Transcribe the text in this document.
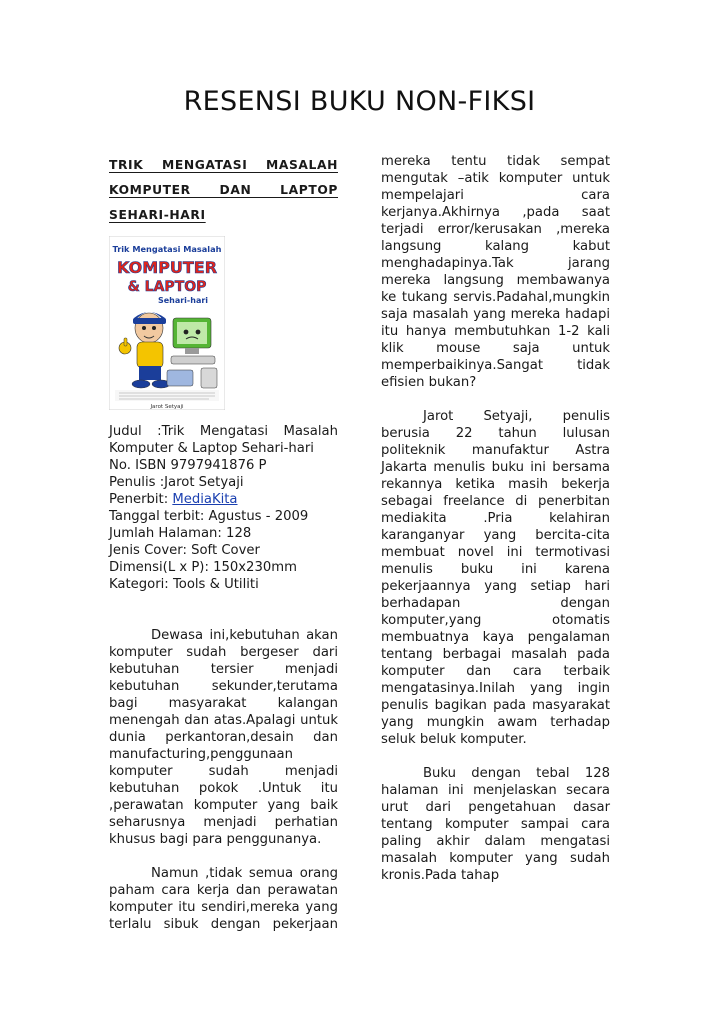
RESENSI BUKU NON-FIKSI
TRIK MENGATASI MASALAH KOMPUTER DAN LAPTOP SEHARI-HARI
Trik Mengatasi Masalah
KOMPUTER
& LAPTOP
Sehari-hari
Jarot Setyaji
Judul :Trik Mengatasi Masalah Komputer & Laptop Sehari-hari
No. ISBN 9797941876 P
Penulis :Jarot Setyaji
Penerbit: MediaKita
Tanggal terbit: Agustus - 2009
Jumlah Halaman: 128
Jenis Cover: Soft Cover
Dimensi(L x P): 150x230mm
Kategori: Tools & Utiliti

Dewasa ini,kebutuhan akan komputer sudah bergeser dari kebutuhan tersier menjadi kebutuhan sekunder,terutama bagi masyarakat kalangan menengah dan atas.Apalagi untuk dunia perkantoran,desain dan manufacturing,penggunaan komputer sudah menjadi kebutuhan pokok .Untuk itu ,perawatan komputer yang baik seharusnya menjadi perhatian khusus bagi para penggunanya.

Namun ,tidak semua orang paham cara kerja dan perawatan komputer itu sendiri,mereka yang terlalu sibuk dengan pekerjaan

mereka tentu tidak sempat mengutak –atik komputer untuk mempelajari cara kerjanya.Akhirnya ,pada saat terjadi error/kerusakan ,mereka langsung kalang kabut menghadapinya.Tak jarang mereka langsung membawanya ke tukang servis.Padahal,mungkin saja masalah yang mereka hadapi itu hanya membutuhkan 1-2 kali klik mouse saja untuk memperbaikinya.Sangat tidak efisien bukan?

Jarot Setyaji, penulis berusia 22 tahun lulusan politeknik manufaktur Astra Jakarta menulis buku ini bersama rekannya ketika masih bekerja sebagai freelance di penerbitan mediakita .Pria kelahiran karanganyar yang bercita-cita membuat novel ini termotivasi menulis buku ini karena pekerjaannya yang setiap hari berhadapan dengan komputer,yang otomatis membuatnya kaya pengalaman tentang berbagai masalah pada komputer dan cara terbaik mengatasinya.Inilah yang ingin penulis bagikan pada masyarakat yang mungkin awam terhadap seluk beluk komputer.

Buku dengan tebal 128 halaman ini menjelaskan secara urut dari pengetahuan dasar tentang komputer sampai cara paling akhir dalam mengatasi masalah komputer yang sudah kronis.Pada tahap
